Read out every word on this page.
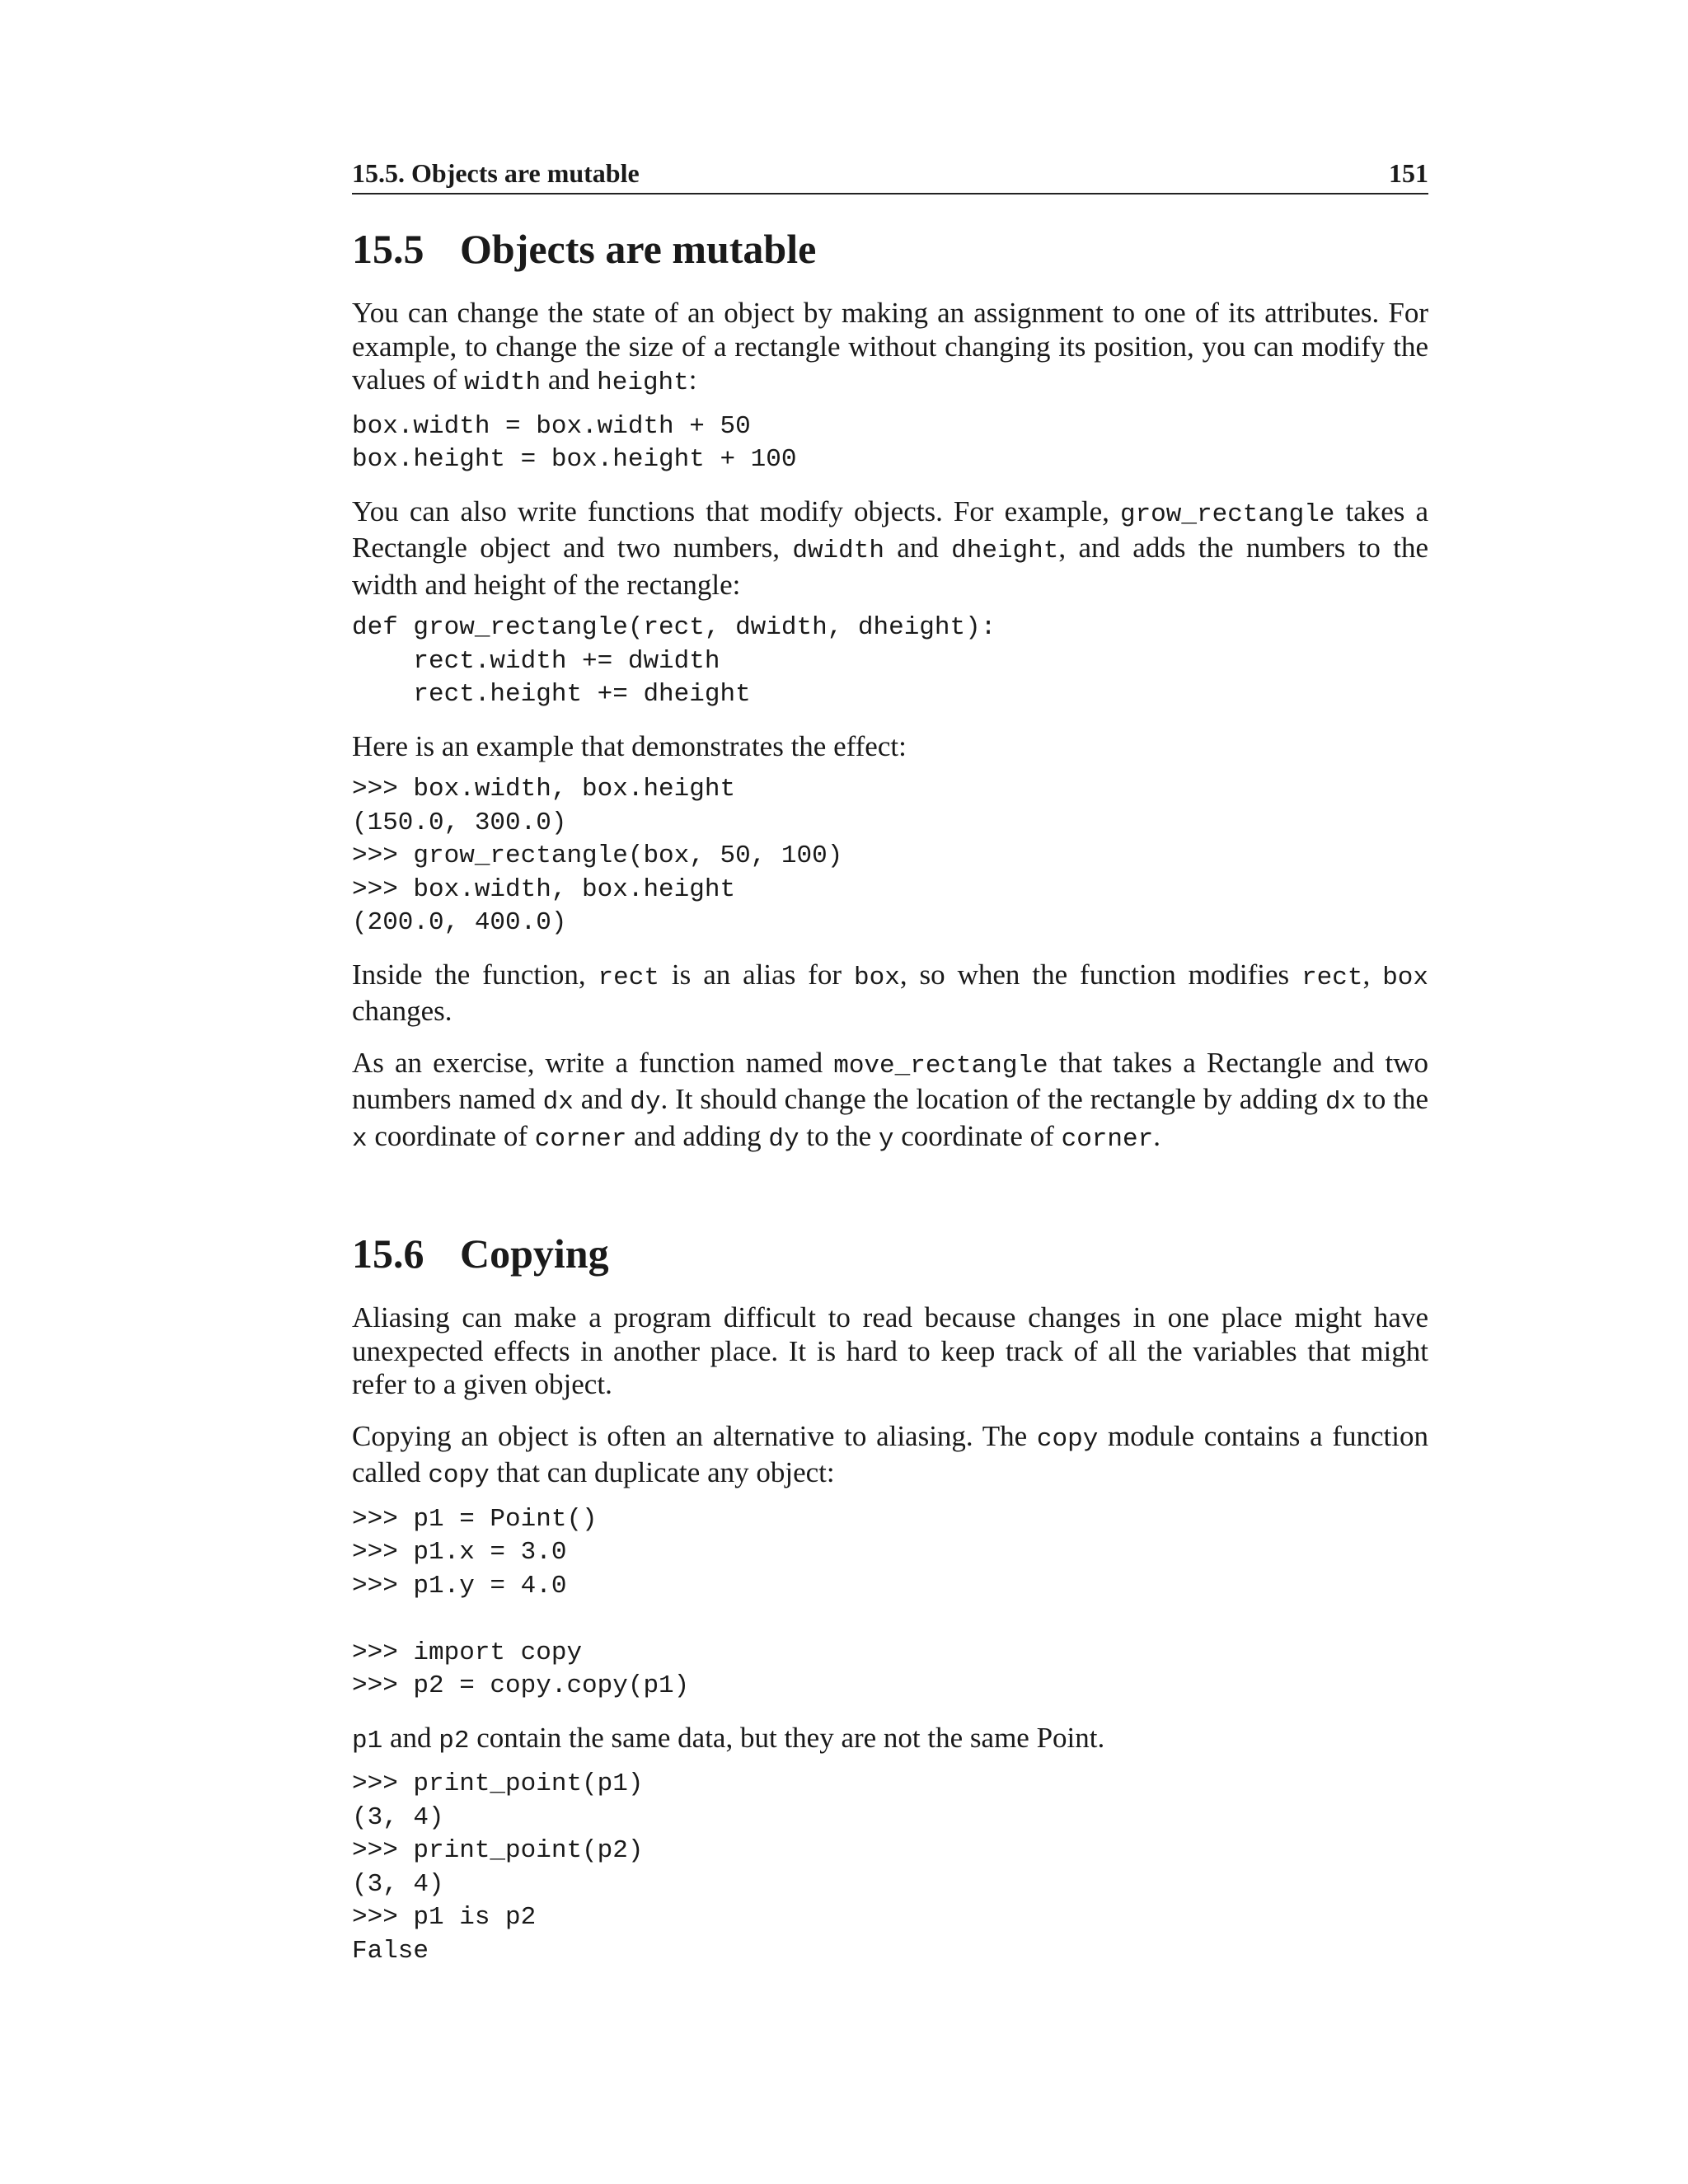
15.5. Objects are mutable	151
15.5 Objects are mutable

You can change the state of an object by making an assignment to one of its attributes. For example, to change the size of a rectangle without changing its position, you can modify the values of width and height:

box.width = box.width + 50
box.height = box.height + 100

You can also write functions that modify objects. For example, grow_rectangle takes a Rectangle object and two numbers, dwidth and dheight, and adds the numbers to the width and height of the rectangle:

def grow_rectangle(rect, dwidth, dheight):
rect.width += dwidth
rect.height += dheight

Here is an example that demonstrates the effect:

>>> box.width, box.height
(150.0, 300.0)
>>> grow_rectangle(box, 50, 100)
>>> box.width, box.height
(200.0, 400.0)

Inside the function, rect is an alias for box, so when the function modifies rect, box changes.

As an exercise, write a function named move_rectangle that takes a Rectangle and two numbers named dx and dy. It should change the location of the rectangle by adding dx to the x coordinate of corner and adding dy to the y coordinate of corner.

15.6 Copying

Aliasing can make a program difficult to read because changes in one place might have unexpected effects in another place. It is hard to keep track of all the variables that might refer to a given object.

Copying an object is often an alternative to aliasing. The copy module contains a function called copy that can duplicate any object:

>>> p1 = Point()
>>> p1.x = 3.0
>>> p1.y = 4.0
>>> import copy
>>> p2 = copy.copy(p1)

p1 and p2 contain the same data, but they are not the same Point.

>>> print_point(p1)
(3, 4)
>>> print_point(p2)
(3, 4)
>>> p1 is p2
False
